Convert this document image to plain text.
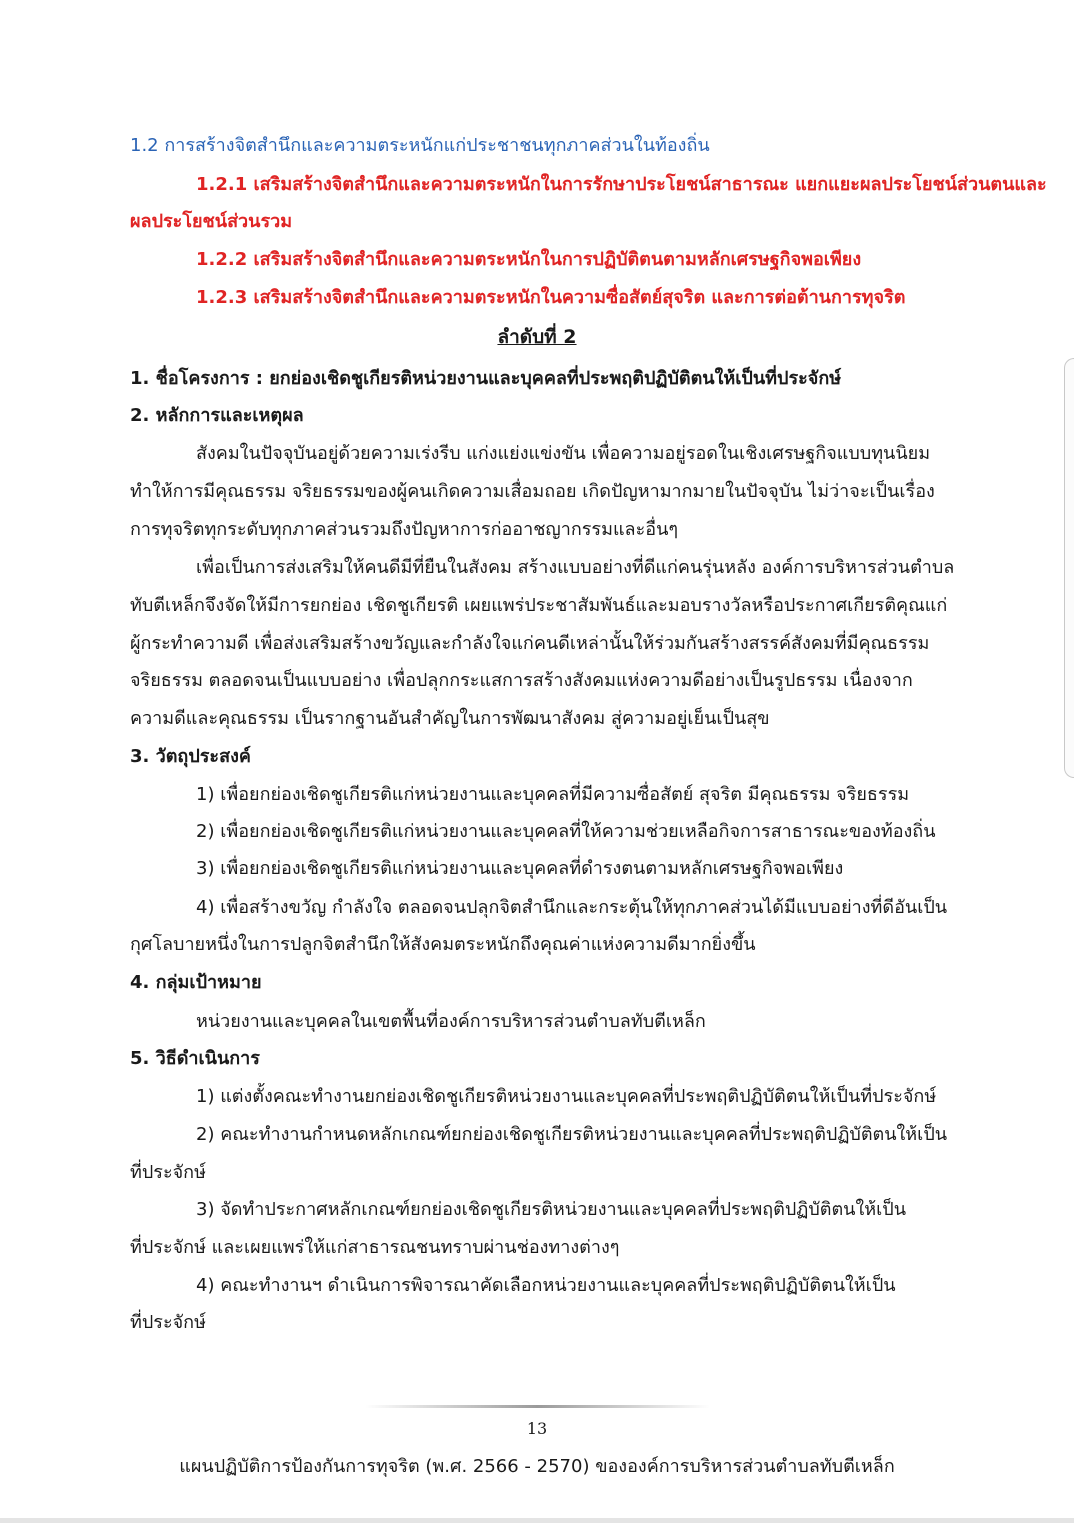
1.2 การสร้างจิตสำนึกและความตระหนักแก่ประชาชนทุกภาคส่วนในท้องถิ่น
1.2.1 เสริมสร้างจิตสำนึกและความตระหนักในการรักษาประโยชน์สาธารณะ แยกแยะผลประโยชน์ส่วนตนและ
ผลประโยชน์ส่วนรวม
1.2.2 เสริมสร้างจิตสำนึกและความตระหนักในการปฏิบัติตนตามหลักเศรษฐกิจพอเพียง
1.2.3 เสริมสร้างจิตสำนึกและความตระหนักในความซื่อสัตย์สุจริต และการต่อต้านการทุจริต
ลำดับที่ 2
1. ชื่อโครงการ : ยกย่องเชิดชูเกียรติหน่วยงานและบุคคลที่ประพฤติปฏิบัติตนให้เป็นที่ประจักษ์
2. หลักการและเหตุผล
สังคมในปัจจุบันอยู่ด้วยความเร่งรีบ แก่งแย่งแข่งขัน เพื่อความอยู่รอดในเชิงเศรษฐกิจแบบทุนนิยม
ทำให้การมีคุณธรรม จริยธรรมของผู้คนเกิดความเสื่อมถอย เกิดปัญหามากมายในปัจจุบัน ไม่ว่าจะเป็นเรื่อง
การทุจริตทุกระดับทุกภาคส่วนรวมถึงปัญหาการก่ออาชญากรรมและอื่นๆ
เพื่อเป็นการส่งเสริมให้คนดีมีที่ยืนในสังคม สร้างแบบอย่างที่ดีแก่คนรุ่นหลัง องค์การบริหารส่วนตำบล
ทับตีเหล็กจึงจัดให้มีการยกย่อง เชิดชูเกียรติ เผยแพร่ประชาสัมพันธ์และมอบรางวัลหรือประกาศเกียรติคุณแก่
ผู้กระทำความดี เพื่อส่งเสริมสร้างขวัญและกำลังใจแก่คนดีเหล่านั้นให้ร่วมกันสร้างสรรค์สังคมที่มีคุณธรรม
จริยธรรม ตลอดจนเป็นแบบอย่าง เพื่อปลุกกระแสการสร้างสังคมแห่งความดีอย่างเป็นรูปธรรม เนื่องจาก
ความดีและคุณธรรม เป็นรากฐานอันสำคัญในการพัฒนาสังคม สู่ความอยู่เย็นเป็นสุข
3. วัตถุประสงค์
1) เพื่อยกย่องเชิดชูเกียรติแก่หน่วยงานและบุคคลที่มีความซื่อสัตย์ สุจริต มีคุณธรรม จริยธรรม
2) เพื่อยกย่องเชิดชูเกียรติแก่หน่วยงานและบุคคลที่ให้ความช่วยเหลือกิจการสาธารณะของท้องถิ่น
3) เพื่อยกย่องเชิดชูเกียรติแก่หน่วยงานและบุคคลที่ดำรงตนตามหลักเศรษฐกิจพอเพียง
4) เพื่อสร้างขวัญ กำลังใจ ตลอดจนปลุกจิตสำนึกและกระตุ้นให้ทุกภาคส่วนได้มีแบบอย่างที่ดีอันเป็น
กุศโลบายหนึ่งในการปลูกจิตสำนึกให้สังคมตระหนักถึงคุณค่าแห่งความดีมากยิ่งขึ้น
4. กลุ่มเป้าหมาย
หน่วยงานและบุคคลในเขตพื้นที่องค์การบริหารส่วนตำบลทับตีเหล็ก
5. วิธีดำเนินการ
1) แต่งตั้งคณะทำงานยกย่องเชิดชูเกียรติหน่วยงานและบุคคลที่ประพฤติปฏิบัติตนให้เป็นที่ประจักษ์
2) คณะทำงานกำหนดหลักเกณฑ์ยกย่องเชิดชูเกียรติหน่วยงานและบุคคลที่ประพฤติปฏิบัติตนให้เป็น
ที่ประจักษ์
3) จัดทำประกาศหลักเกณฑ์ยกย่องเชิดชูเกียรติหน่วยงานและบุคคลที่ประพฤติปฏิบัติตนให้เป็น
ที่ประจักษ์ และเผยแพร่ให้แก่สาธารณชนทราบผ่านช่องทางต่างๆ
4) คณะทำงานฯ ดำเนินการพิจารณาคัดเลือกหน่วยงานและบุคคลที่ประพฤติปฏิบัติตนให้เป็น
ที่ประจักษ์
13
แผนปฏิบัติการป้องกันการทุจริต (พ.ศ. 2566 - 2570) ขององค์การบริหารส่วนตำบลทับตีเหล็ก
